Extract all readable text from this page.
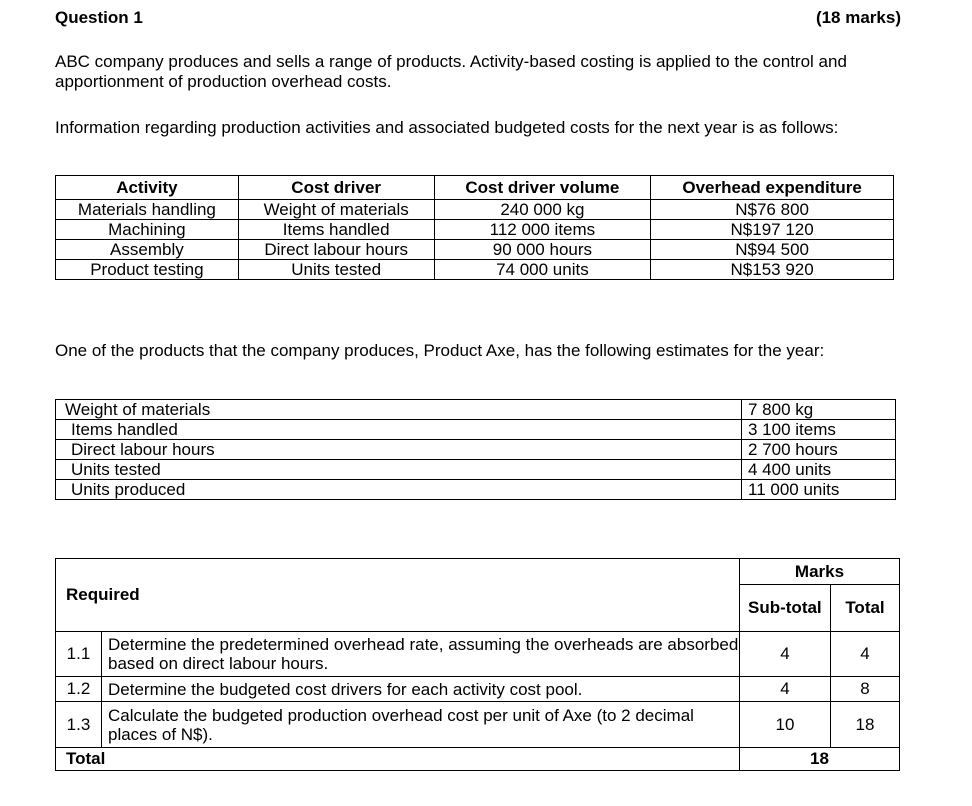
Question 1	(18 marks)
ABC company produces and sells a range of products. Activity-based costing is applied to the control and apportionment of production overhead costs.
Information regarding production activities and associated budgeted costs for the next year is as follows:
Activity	Cost driver	Cost driver volume	Overhead expenditure
Materials handling	Weight of materials	240 000 kg	N$76 800
Machining	Items handled	112 000 items	N$197 120
Assembly	Direct labour hours	90 000 hours	N$94 500
Product testing	Units tested	74 000 units	N$153 920
One of the products that the company produces, Product Axe, has the following estimates for the year:
Weight of materials	7 800 kg
Items handled	3 100 items
Direct labour hours	2 700 hours
Units tested	4 400 units
Units produced	11 000 units
Required		Marks	
		Sub-total	Total
1.1	Determine the predetermined overhead rate, assuming the overheads are absorbed based on direct labour hours.	4	4
1.2	Determine the budgeted cost drivers for each activity cost pool.	4	8
1.3	Calculate the budgeted production overhead cost per unit of Axe (to 2 decimal places of N$).	10	18
Total		18	
